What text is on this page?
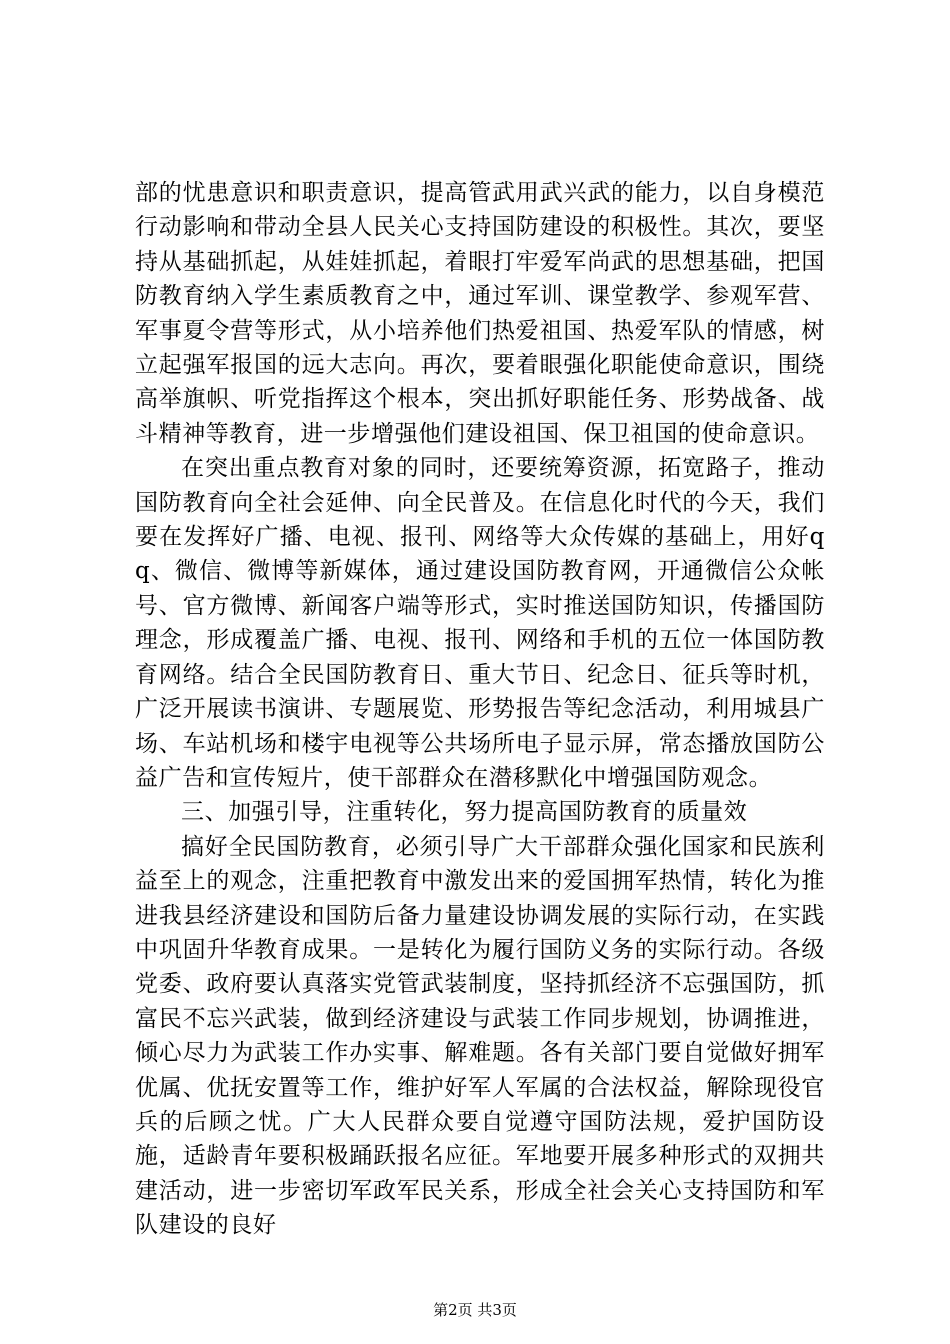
部的忧患意识和职责意识，提高管武用武兴武的能力，以自身模范行动影响和带动全县人民关心支持国防建设的积极性。其次，要坚持从基础抓起，从娃娃抓起，着眼打牢爱军尚武的思想基础，把国防教育纳入学生素质教育之中，通过军训、课堂教学、参观军营、军事夏令营等形式，从小培养他们热爱祖国、热爱军队的情感，树立起强军报国的远大志向。再次，要着眼强化职能使命意识，围绕高举旗帜、听党指挥这个根本，突出抓好职能任务、形势战备、战斗精神等教育，进一步增强他们建设祖国、保卫祖国的使命意识。

在突出重点教育对象的同时，还要统筹资源，拓宽路子，推动国防教育向全社会延伸、向全民普及。在信息化时代的今天，我们要在发挥好广播、电视、报刊、网络等大众传媒的基础上，用好qq、微信、微博等新媒体，通过建设国防教育网，开通微信公众帐号、官方微博、新闻客户端等形式，实时推送国防知识，传播国防理念，形成覆盖广播、电视、报刊、网络和手机的五位一体国防教育网络。结合全民国防教育日、重大节日、纪念日、征兵等时机，广泛开展读书演讲、专题展览、形势报告等纪念活动，利用城县广场、车站机场和楼宇电视等公共场所电子显示屏，常态播放国防公益广告和宣传短片，使干部群众在潜移默化中增强国防观念。

三、加强引导，注重转化，努力提高国防教育的质量效

搞好全民国防教育，必须引导广大干部群众强化国家和民族利益至上的观念，注重把教育中激发出来的爱国拥军热情，转化为推进我县经济建设和国防后备力量建设协调发展的实际行动，在实践中巩固升华教育成果。一是转化为履行国防义务的实际行动。各级党委、政府要认真落实党管武装制度，坚持抓经济不忘强国防，抓富民不忘兴武装，做到经济建设与武装工作同步规划，协调推进，倾心尽力为武装工作办实事、解难题。各有关部门要自觉做好拥军优属、优抚安置等工作，维护好军人军属的合法权益，解除现役官兵的后顾之忧。广大人民群众要自觉遵守国防法规，爱护国防设施，适龄青年要积极踊跃报名应征。军地要开展多种形式的双拥共建活动，进一步密切军政军民关系，形成全社会关心支持国防和军队建设的良好

第2页 共3页
